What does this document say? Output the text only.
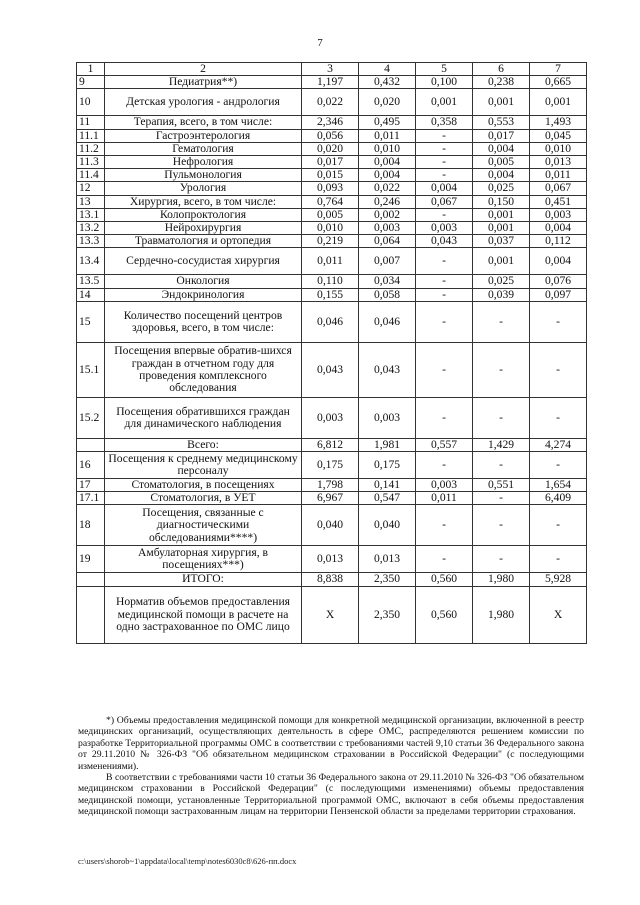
7
1	2	3	4	5	6	7
9	Педиатрия**)	1,197	0,432	0,100	0,238	0,665
10	Детская урология - андрология	0,022	0,020	0,001	0,001	0,001
11	Терапия, всего, в том числе:	2,346	0,495	0,358	0,553	1,493
11.1	Гастроэнтерология	0,056	0,011	-	0,017	0,045
11.2	Гематология	0,020	0,010	-	0,004	0,010
11.3	Нефрология	0,017	0,004	-	0,005	0,013
11.4	Пульмонология	0,015	0,004	-	0,004	0,011
12	Урология	0,093	0,022	0,004	0,025	0,067
13	Хирургия, всего, в том числе:	0,764	0,246	0,067	0,150	0,451
13.1	Колопроктология	0,005	0,002	-	0,001	0,003
13.2	Нейрохирургия	0,010	0,003	0,003	0,001	0,004
13.3	Травматология и ортопедия	0,219	0,064	0,043	0,037	0,112
13.4	Сердечно-сосудистая хирургия	0,011	0,007	-	0,001	0,004
13.5	Онкология	0,110	0,034	-	0,025	0,076
14	Эндокринология	0,155	0,058	-	0,039	0,097
15	Количество посещений центров здоровья, всего, в том числе:	0,046	0,046	-	-	-
15.1	Посещения впервые обратив-шихся граждан в отчетном году для проведения комплексного обследования	0,043	0,043	-	-	-
15.2	Посещения обратившихся граждан для динамического наблюдения	0,003	0,003	-	-	-
	Всего:	6,812	1,981	0,557	1,429	4,274
16	Посещения к среднему медицинскому персоналу	0,175	0,175	-	-	-
17	Стоматология, в посещениях	1,798	0,141	0,003	0,551	1,654
17.1	Стоматология, в УЕТ	6,967	0,547	0,011	-	6,409
18	Посещения, связанные с диагностическими обследованиями****)	0,040	0,040	-	-	-
19	Амбулаторная хирургия, в посещениях***)	0,013	0,013	-	-	-
	ИТОГО:	8,838	2,350	0,560	1,980	5,928
	Норматив объемов предоставления медицинской помощи в расчете на одно застрахованное по ОМС лицо	Х	2,350	0,560	1,980	Х

*) Объемы предоставления медицинской помощи для конкретной медицинской организации, включенной в реестр медицинских организаций, осуществляющих деятельность в сфере ОМС, распределяются решением комиссии по разработке Территориальной программы ОМС в соответствии с требованиями частей 9,10 статьи 36 Федерального закона от 29.11.2010 № 326-ФЗ "Об обязательном медицинском страховании в Российской Федерации" (с последующими изменениями).

В соответствии с требованиями части 10 статьи 36 Федерального закона от 29.11.2010 № 326-ФЗ "Об обязательном медицинском страховании в Российской Федерации" (с последующими изменениями) объемы предоставления медицинской помощи, установленные Территориальной программой ОМС, включают в себя объемы предоставления медицинской помощи застрахованным лицам на территории Пензенской области за пределами территории страхования.

c:\users\shorob~1\appdata\local\temp\notes6030c8\626-пп.docx
